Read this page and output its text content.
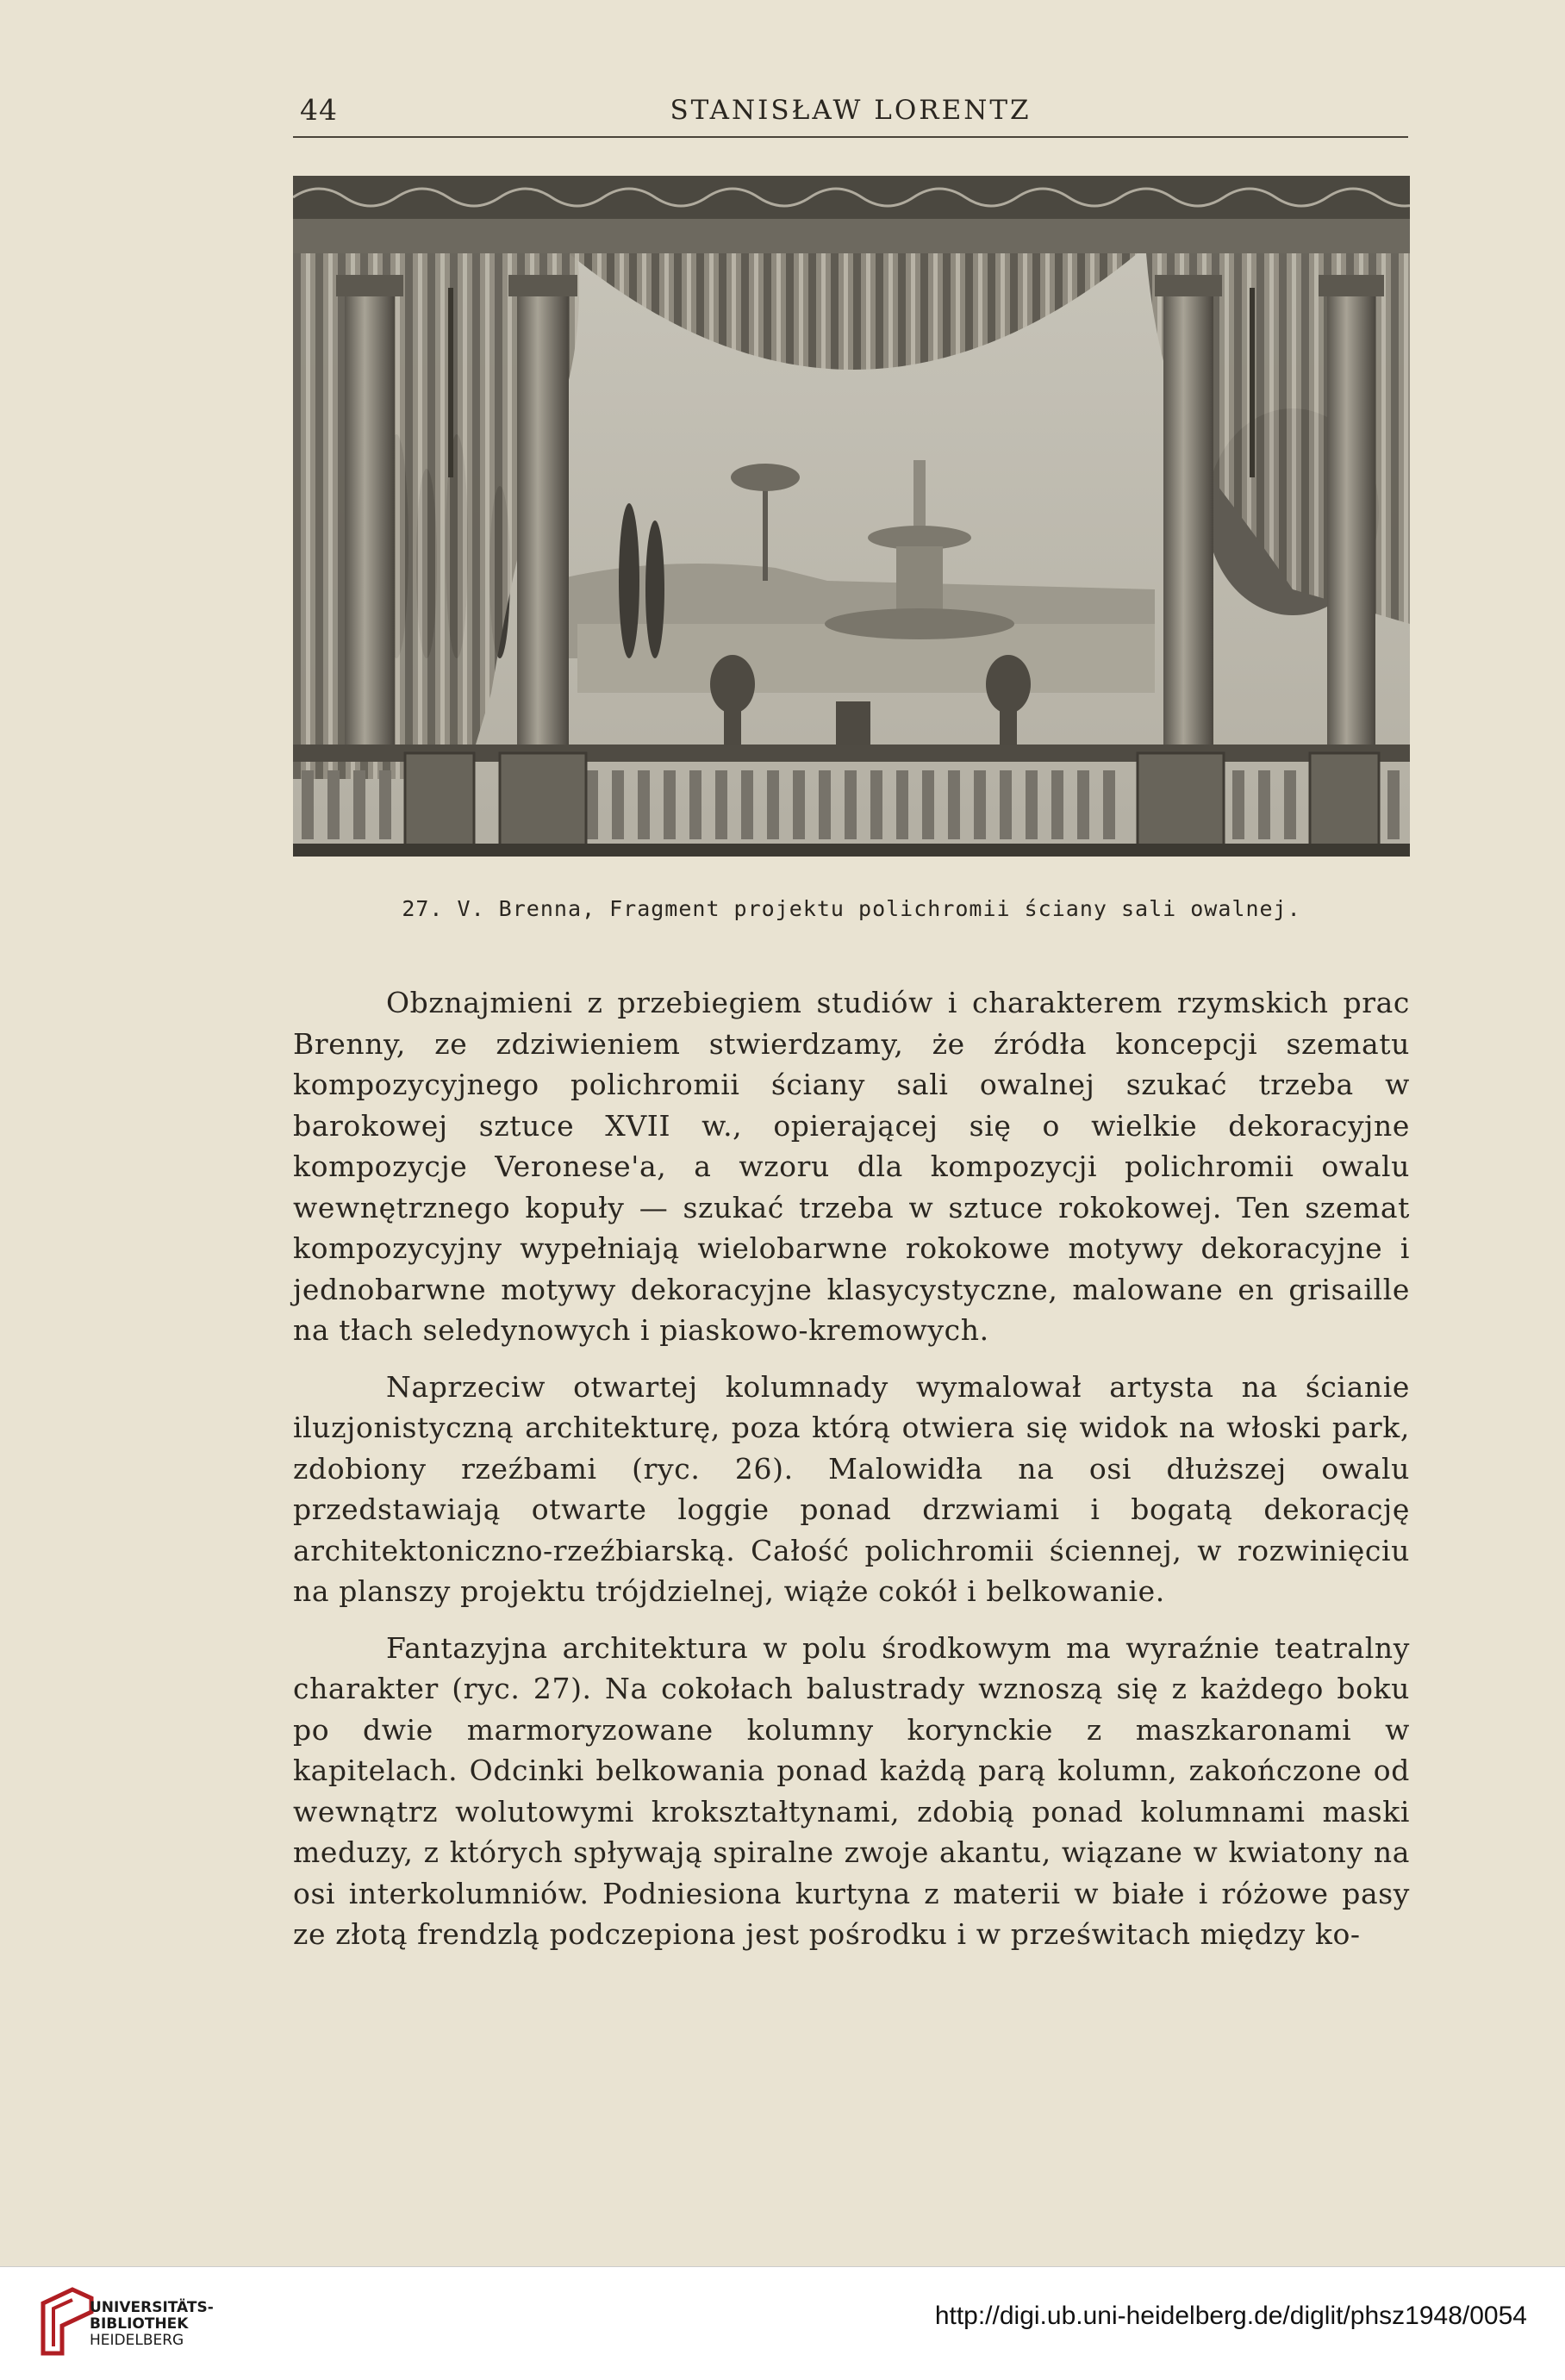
44	STANISŁAW LORENTZ
27. V. Brenna, Fragment projektu polichromii ściany sali owalnej.

Obznajmieni z przebiegiem studiów i charakterem rzymskich prac Brenny, ze zdziwieniem stwierdzamy, że źródła koncepcji szematu kompozycyjnego polichromii ściany sali owalnej szukać trzeba w barokowej sztuce XVII w., opierającej się o wielkie dekoracyjne kompozycje Veronese'a, a wzoru dla kompozycji polichromii owalu wewnętrznego kopuły — szukać trzeba w sztuce rokokowej. Ten szemat kompozycyjny wypełniają wielobarwne rokokowe motywy dekoracyjne i jednobarwne motywy dekoracyjne klasycystyczne, malowane en grisaille na tłach seledynowych i piaskowo-kremowych.

Naprzeciw otwartej kolumnady wymalował artysta na ścianie iluzjonistyczną architekturę, poza którą otwiera się widok na włoski park, zdobiony rzeźbami (ryc. 26). Malowidła na osi dłuższej owalu przedstawiają otwarte loggie ponad drzwiami i bogatą dekorację architektoniczno-rzeźbiarską. Całość polichromii ściennej, w rozwinięciu na planszy projektu trójdzielnej, wiąże cokół i belkowanie.

Fantazyjna architektura w polu środkowym ma wyraźnie teatralny charakter (ryc. 27). Na cokołach balustrady wznoszą się z każdego boku po dwie marmoryzowane kolumny korynckie z maszkaronami w kapitelach. Odcinki belkowania ponad każdą parą kolumn, zakończone od wewnątrz wolutowymi krokształtynami, zdobią ponad kolumnami maski meduzy, z których spływają spiralne zwoje akantu, wiązane w kwiatony na osi interkolumniów. Podniesiona kurtyna z materii w białe i różowe pasy ze złotą frendzlą podczepiona jest pośrodku i w prześwitach między ko-

UNIVERSITÄTS-
BIBLIOTHEK
HEIDELBERG
http://digi.ub.uni-heidelberg.de/diglit/phsz1948/0054
